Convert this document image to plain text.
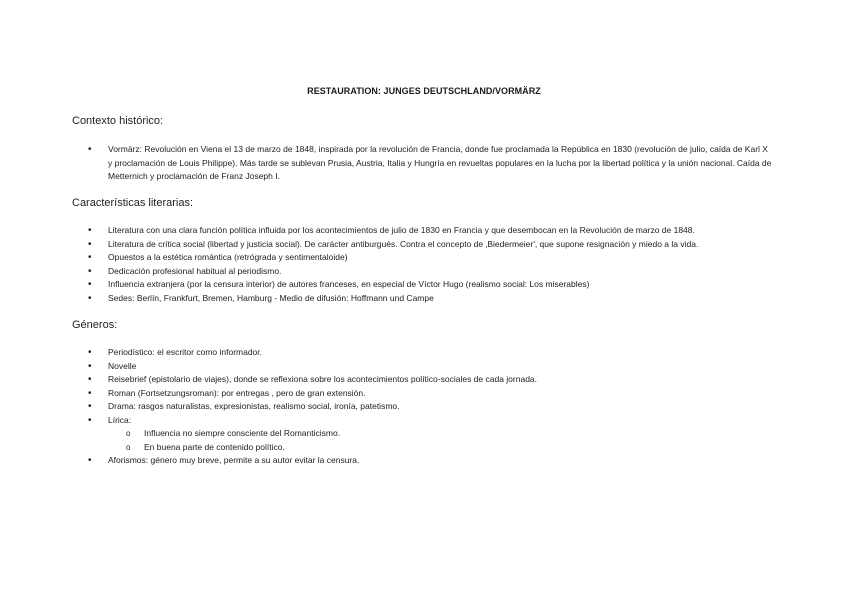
RESTAURATION: JUNGES DEUTSCHLAND/VORMÄRZ
Contexto histórico:
• Vormärz: Revolución en Viena el 13 de marzo de 1848, inspirada por la revolución de Francia, donde fue proclamada la República en 1830 (revolución de julio, caída de Karl X y proclamación de Louis Philippe). Más tarde se sublevan Prusia, Austria, Italia y Hungría en revueltas populares en la lucha por la libertad política y la unión nacional. Caída de Metternich y proclamación de Franz Joseph I.
Características literarias:
• Literatura con una clara función política influida por los acontecimientos de julio de 1830 en Francia y que desembocan en la Revolución de marzo de 1848.
• Literatura de crítica social (libertad y justicia social). De carácter antiburgués. Contra el concepto de ‚Biedermeier', que supone resignación y miedo a la vida.
• Opuestos a la estética romántica (retrógrada y sentimentaloide)
• Dedicación profesional habitual al periodismo.
• Influencia extranjera (por la censura interior) de autores franceses, en especial de Víctor Hugo (realismo social: Los miserables)
• Sedes: Berlín, Frankfurt, Bremen, Hamburg - Medio de difusión: Hoffmann und Campe
Géneros:
• Periodístico: el escritor como informador.
• Novelle
• Reisebrief (epistolario de viajes), donde se reflexiona sobre los acontecimientos político-sociales de cada jornada.
• Roman (Fortsetzungsroman): por entregas , pero de gran extensión.
• Drama: rasgos naturalistas, expresionistas, realismo social, ironía, patetismo.
• Lírica:
o Influencia no siempre consciente del Romanticismo.
o En buena parte de contenido político.
• Aforismos: género muy breve, permite a su autor evitar la censura.
